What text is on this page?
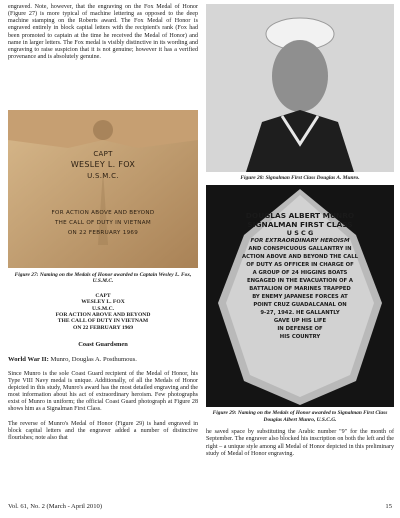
engraved. Note, however, that the engraving on the Fox Medal of Honor (Figure 27) is more typical of machine lettering as opposed to the deep machine stamping on the Roberts award. The Fox Medal of Honor is engraved entirely in block capital letters with the recipient's rank (Fox had been promoted to captain at the time he received the Medal of Honor) and name in larger letters. The Fox medal is visibly distinctive in its wording and engraving to raise suspicion that it is not genuine; however it has a verified provenance and is absolutely genuine.

CAPT
WESLEY L. FOX
U.S.M.C.
FOR ACTION ABOVE AND BEYOND
THE CALL OF DUTY IN VIETNAM
ON 22 FEBRUARY 1969

Figure 27: Naming on the Medals of Honor awarded to Captain Wesley L. Fox, U.S.M.C.

CAPT

WESLEY L. FOX

U.S.M.C.

FOR ACTION ABOVE AND BEYOND

THE CALL OF DUTY IN VIETNAM

ON 22 FEBRUARY 1969

Coast Guardsmen

World War II: Munro, Douglas A. Posthumous.

Since Munro is the sole Coast Guard recipient of the Medal of Honor, his Type VIII Navy medal is unique. Additionally, of all the Medals of Honor depicted in this study, Munro's award has the most detailed engraving and the most information about his act of extraordinary heroism. Few photographs exist of Munro in uniform; the official Coast Guard photograph at Figure 28 shows him as a Signalman First Class.

The reverse of Munro's Medal of Honor (Figure 29) is hand engraved in block capital letters and the engraver added a number of distinctive flourishes; note also that

Figure 28: Signalman First Class Douglas A. Munro.

DOUGLAS ALBERT MUNRO
SIGNALMAN FIRST CLASS
U S C G
FOR EXTRAORDINARY HEROISM
AND CONSPICUOUS GALLANTRY IN
ACTION ABOVE AND BEYOND THE CALL
OF DUTY AS OFFICER IN CHARGE OF
A GROUP OF 24 HIGGINS BOATS
ENGAGED IN THE EVACUATION OF A
BATTALION OF MARINES TRAPPED
BY ENEMY JAPANESE FORCES AT
POINT CRUZ GUADALCANAL ON
9-27, 1942. HE GALLANTLY
GAVE UP HIS LIFE
IN DEFENSE OF
HIS COUNTRY

Figure 29: Naming on the Medals of Honor awarded to Signalman First Class Douglas Albert Munro, U.S.C.G.

he saved space by substituting the Arabic number "9" for the month of September. The engraver also blocked his inscription on both the left and the right – a unique style among all Medal of Honor depicted in this preliminary study of Medal of Honor engraving.

Vol. 61, No. 2 (March - April 2010)	15
